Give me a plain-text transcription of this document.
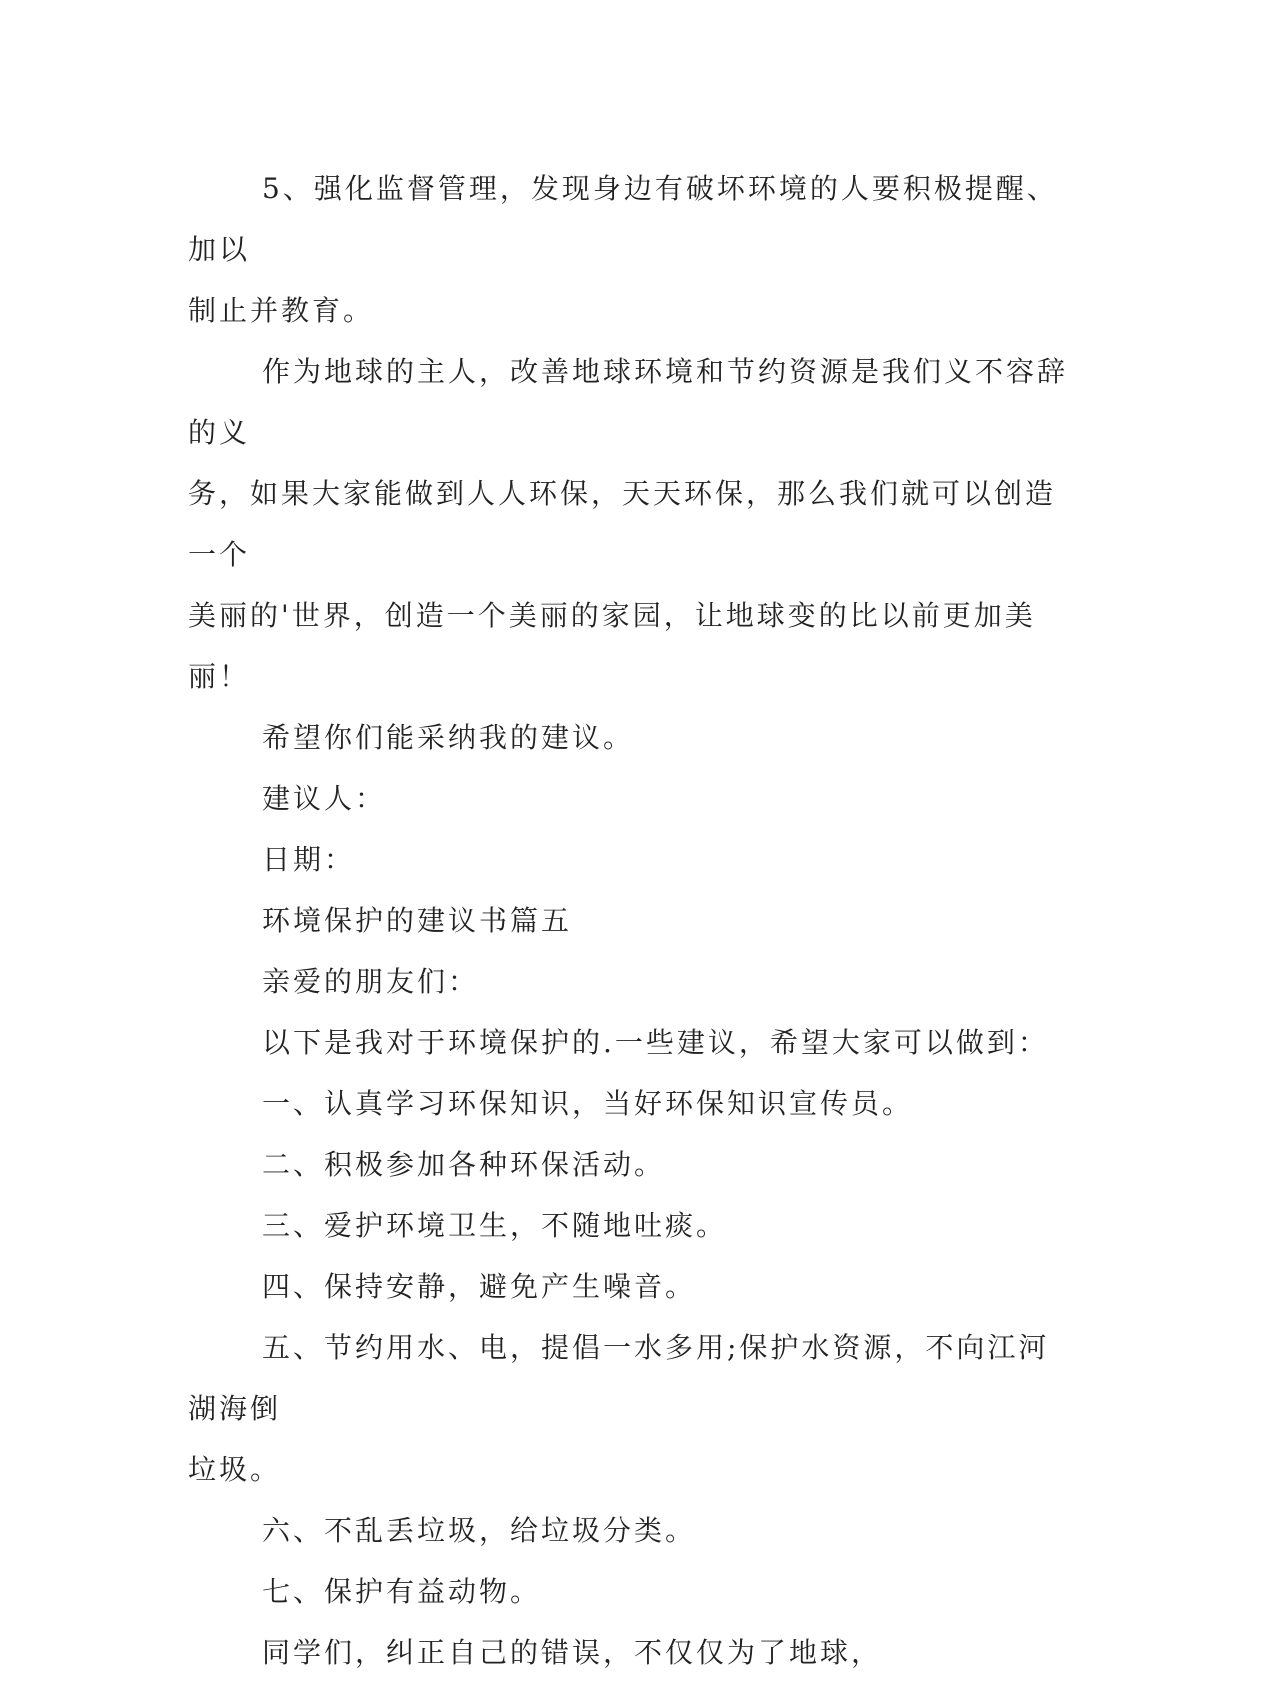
5、强化监督管理，发现身边有破坏环境的人要积极提醒、加以

制止并教育。

作为地球的主人，改善地球环境和节约资源是我们义不容辞的义

务，如果大家能做到人人环保，天天环保，那么我们就可以创造一个

美丽的'世界，创造一个美丽的家园，让地球变的比以前更加美丽！

希望你们能采纳我的建议。

建议人：

日期：

环境保护的建议书篇五

亲爱的朋友们：

以下是我对于环境保护的.一些建议，希望大家可以做到：

一、认真学习环保知识，当好环保知识宣传员。

二、积极参加各种环保活动。

三、爱护环境卫生，不随地吐痰。

四、保持安静，避免产生噪音。

五、节约用水、电，提倡一水多用;保护水资源，不向江河湖海倒

垃圾。

六、不乱丢垃圾，给垃圾分类。

七、保护有益动物。

同学们，纠正自己的错误，不仅仅为了地球，
